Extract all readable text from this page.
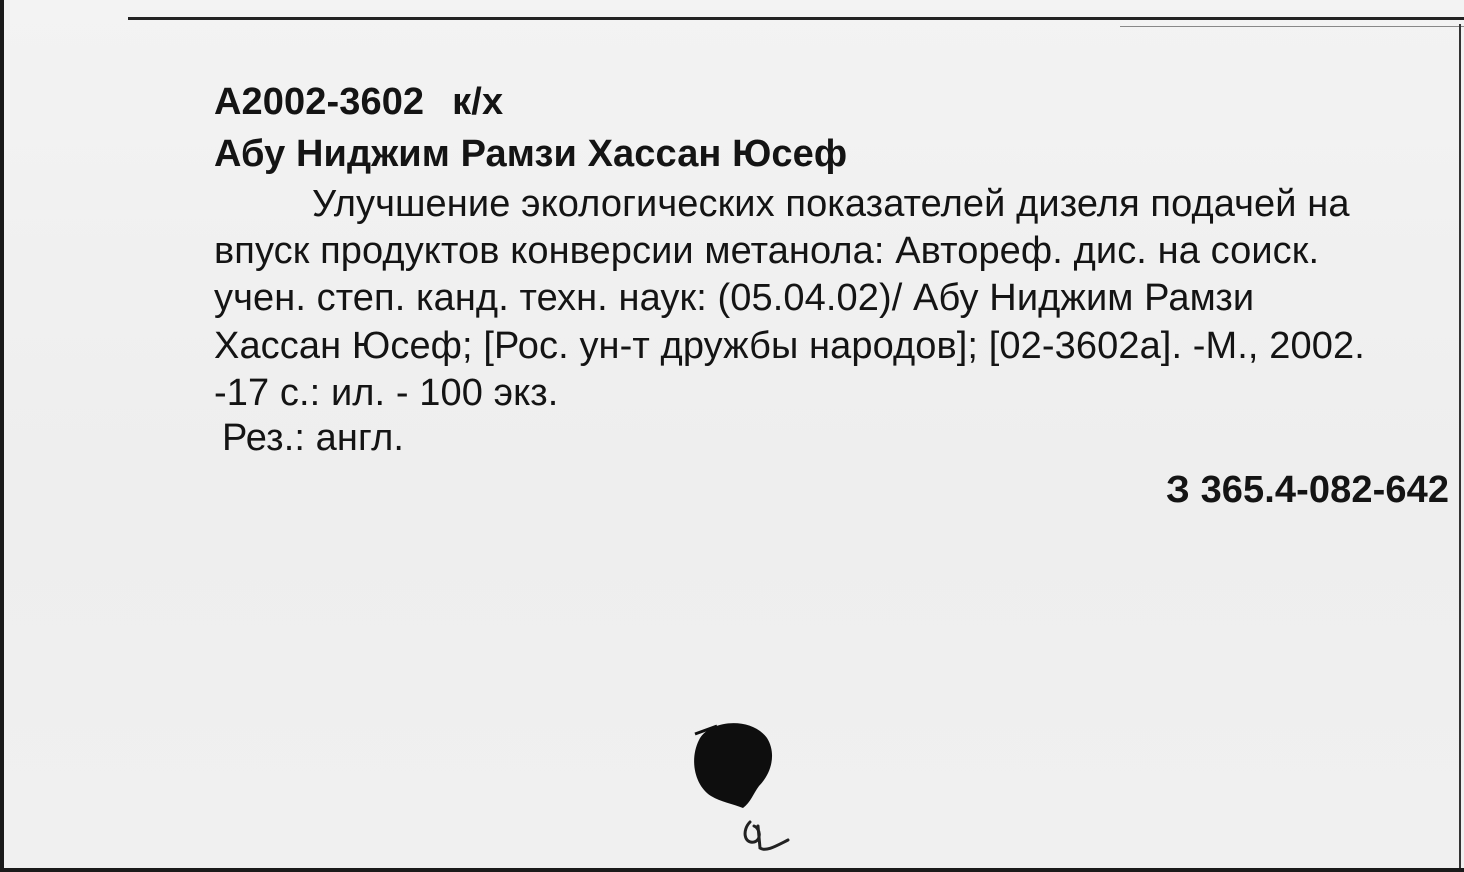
А2002-3602 к/х
Абу Ниджим Рамзи Хассан Юсеф
Улучшение экологических показателей дизеля подачей на
впуск продуктов конверсии метанола: Автореф. дис. на соиск.
учен. степ. канд. техн. наук: (05.04.02)/ Абу Ниджим Рамзи
Хассан Юсеф; [Рос. ун-т дружбы народов]; [02-3602а]. -М., 2002.
-17 с.: ил. - 100 экз.
Рез.: англ.
З 365.4-082-642
